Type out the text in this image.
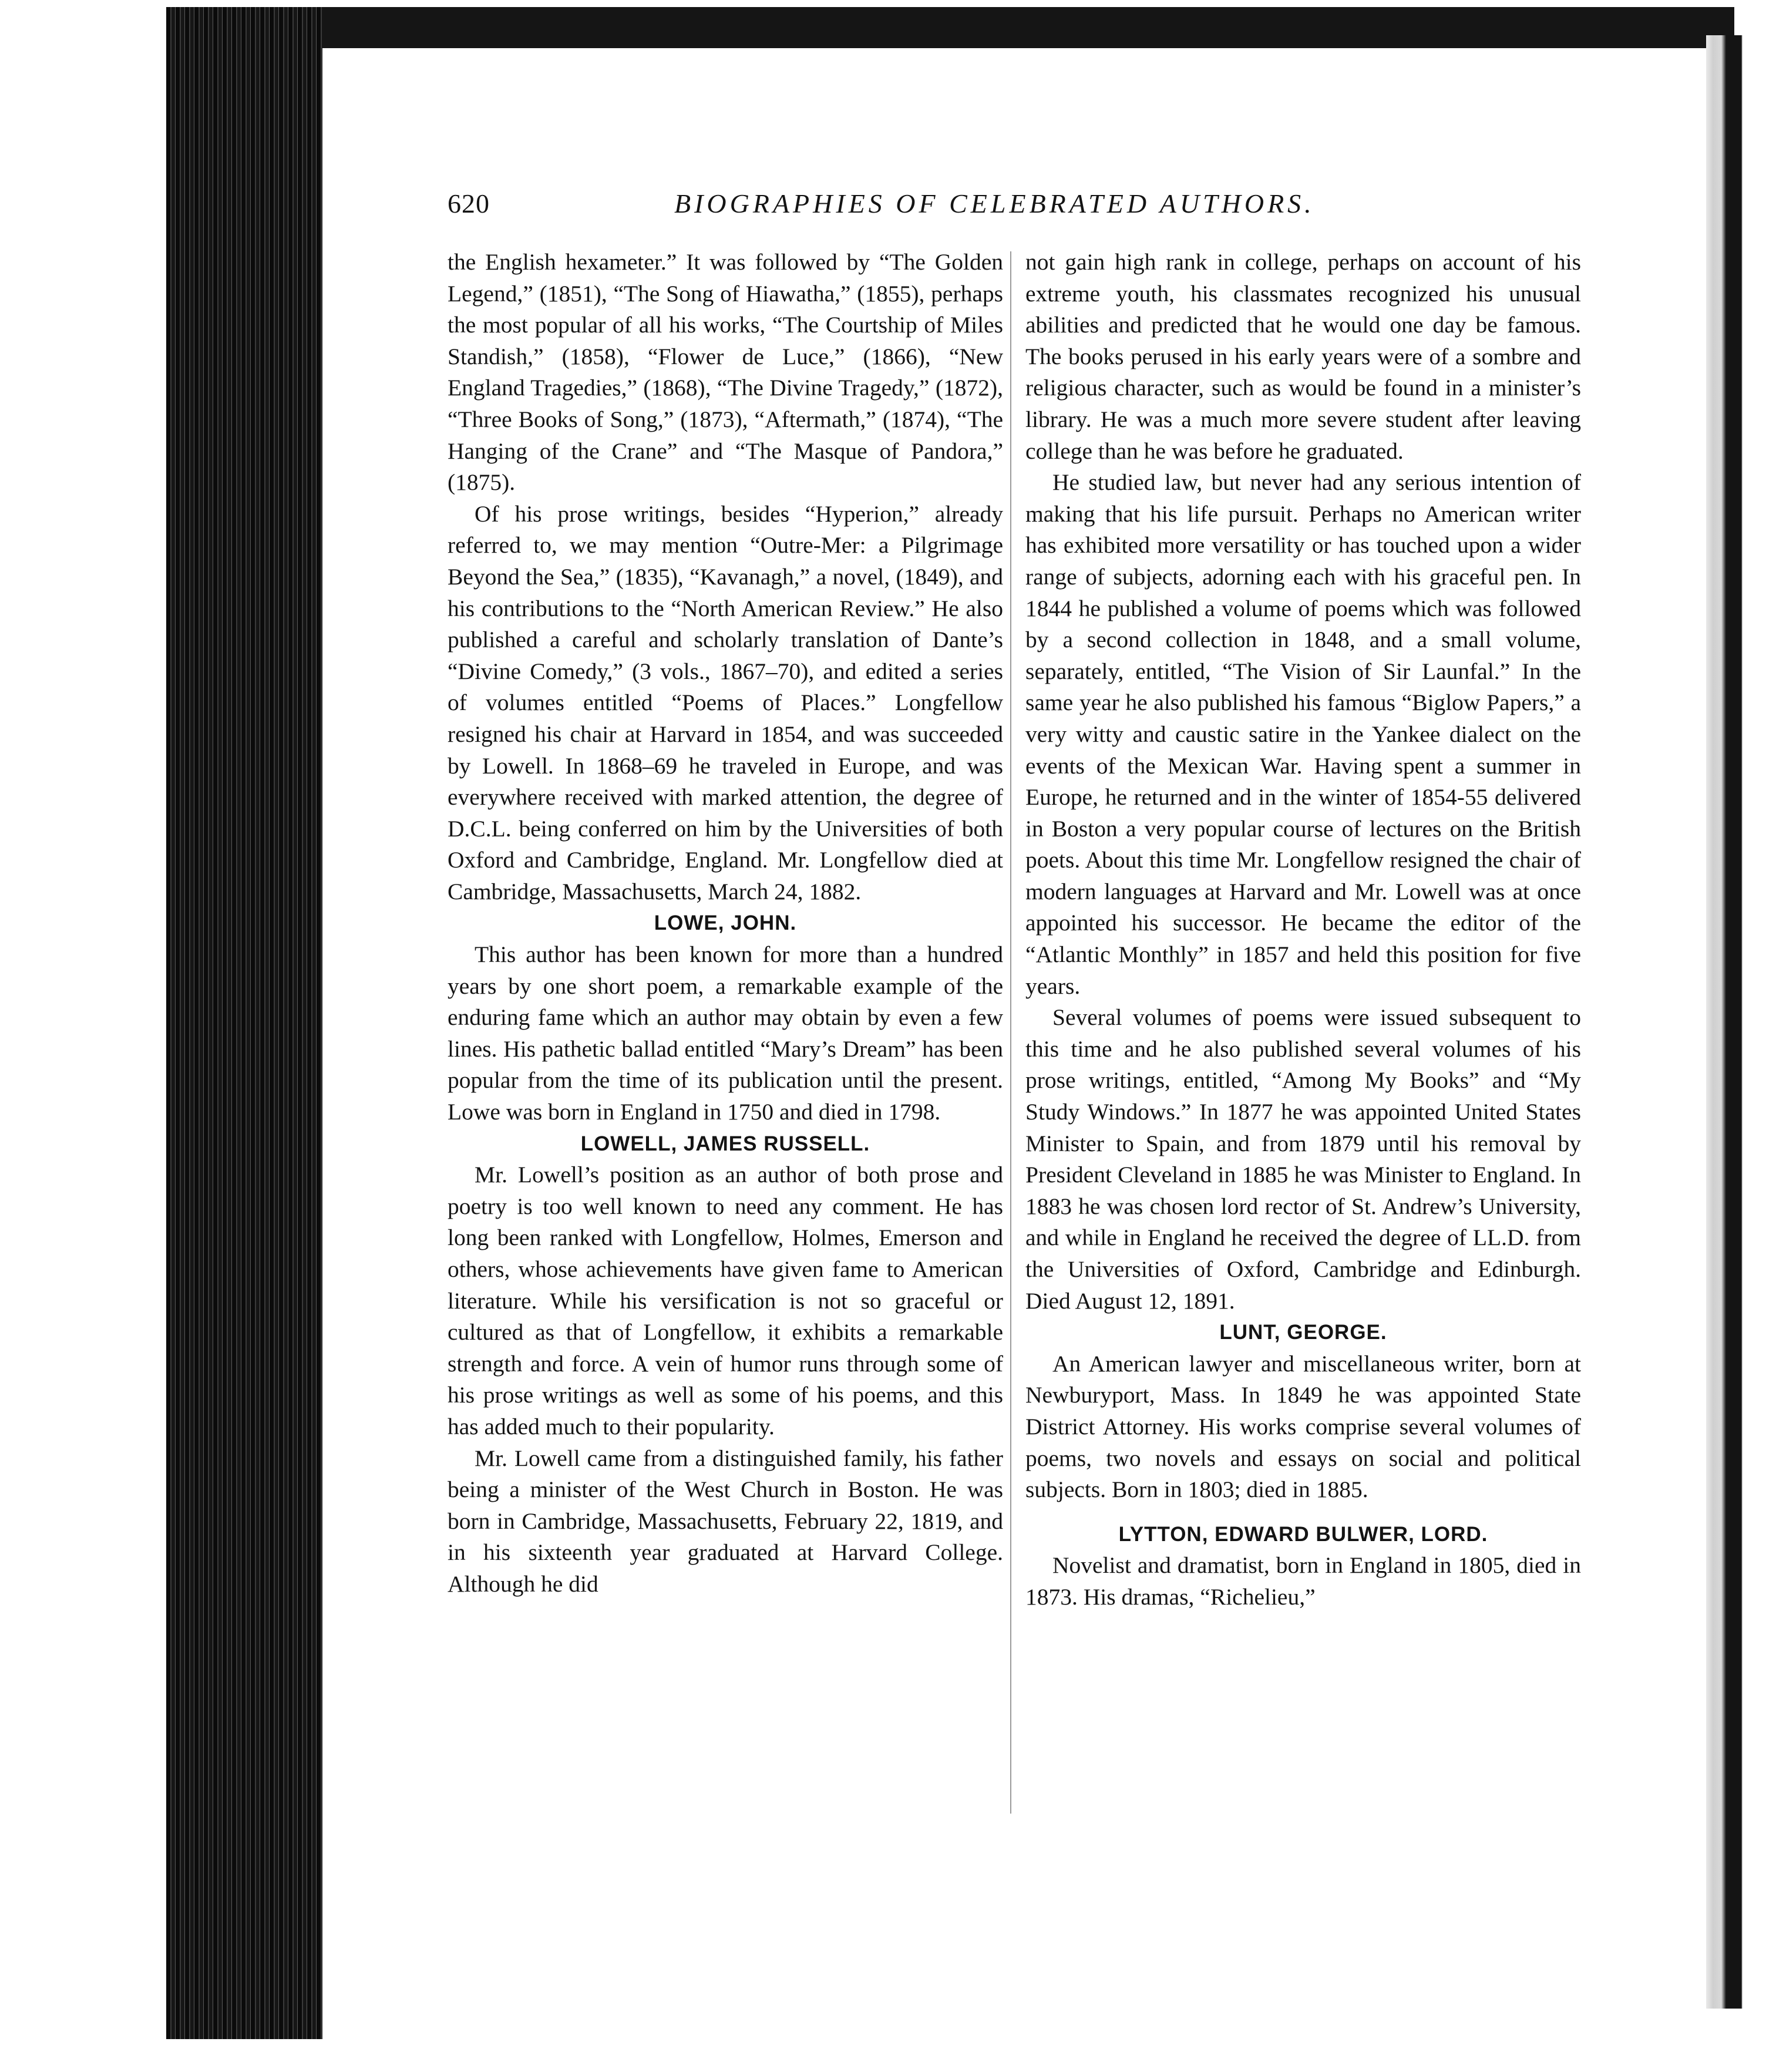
620	BIOGRAPHIES OF CELEBRATED AUTHORS.

the English hexameter.” It was followed by “The Golden Legend,” (1851), “The Song of Hiawatha,” (1855), perhaps the most popular of all his works, “The Courtship of Miles Standish,” (1858), “Flower de Luce,” (1866), “New England Tragedies,” (1868), “The Divine Tragedy,” (1872), “Three Books of Song,” (1873), “Aftermath,” (1874), “The Hanging of the Crane” and “The Masque of Pandora,” (1875).

Of his prose writings, besides “Hyperion,” already referred to, we may mention “Outre-Mer: a Pilgrimage Beyond the Sea,” (1835), “Kavanagh,” a novel, (1849), and his contributions to the “North American Review.” He also published a careful and scholarly translation of Dante’s “Divine Comedy,” (3 vols., 1867–70), and edited a series of volumes entitled “Poems of Places.” Longfellow resigned his chair at Harvard in 1854, and was succeeded by Lowell. In 1868–69 he traveled in Europe, and was everywhere received with marked attention, the degree of D.C.L. being conferred on him by the Universities of both Oxford and Cambridge, England. Mr. Longfellow died at Cambridge, Massachusetts, March 24, 1882.

LOWE, JOHN.

This author has been known for more than a hundred years by one short poem, a remarkable example of the enduring fame which an author may obtain by even a few lines. His pathetic ballad entitled “Mary’s Dream” has been popular from the time of its publication until the present. Lowe was born in England in 1750 and died in 1798.

LOWELL, JAMES RUSSELL.

Mr. Lowell’s position as an author of both prose and poetry is too well known to need any comment. He has long been ranked with Longfellow, Holmes, Emerson and others, whose achievements have given fame to American literature. While his versification is not so graceful or cultured as that of Longfellow, it exhibits a remarkable strength and force. A vein of humor runs through some of his prose writings as well as some of his poems, and this has added much to their popularity.

Mr. Lowell came from a distinguished family, his father being a minister of the West Church in Boston. He was born in Cambridge, Massachusetts, February 22, 1819, and in his sixteenth year graduated at Harvard College. Although he did

not gain high rank in college, perhaps on account of his extreme youth, his classmates recognized his unusual abilities and predicted that he would one day be famous. The books perused in his early years were of a sombre and religious character, such as would be found in a minister’s library. He was a much more severe student after leaving college than he was before he graduated.

He studied law, but never had any serious intention of making that his life pursuit. Perhaps no American writer has exhibited more versatility or has touched upon a wider range of subjects, adorning each with his graceful pen. In 1844 he published a volume of poems which was followed by a second collection in 1848, and a small volume, separately, entitled, “The Vision of Sir Launfal.” In the same year he also published his famous “Biglow Papers,” a very witty and caustic satire in the Yankee dialect on the events of the Mexican War. Having spent a summer in Europe, he returned and in the winter of 1854-55 delivered in Boston a very popular course of lectures on the British poets. About this time Mr. Longfellow resigned the chair of modern languages at Harvard and Mr. Lowell was at once appointed his successor. He became the editor of the “Atlantic Monthly” in 1857 and held this position for five years.

Several volumes of poems were issued subsequent to this time and he also published several volumes of his prose writings, entitled, “Among My Books” and “My Study Windows.” In 1877 he was appointed United States Minister to Spain, and from 1879 until his removal by President Cleveland in 1885 he was Minister to England. In 1883 he was chosen lord rector of St. Andrew’s University, and while in England he received the degree of LL.D. from the Universities of Oxford, Cambridge and Edinburgh. Died August 12, 1891.

LUNT, GEORGE.

An American lawyer and miscellaneous writer, born at Newburyport, Mass. In 1849 he was appointed State District Attorney. His works comprise several volumes of poems, two novels and essays on social and political subjects. Born in 1803; died in 1885.

LYTTON, EDWARD BULWER, LORD.

Novelist and dramatist, born in England in 1805, died in 1873. His dramas, “Richelieu,”
